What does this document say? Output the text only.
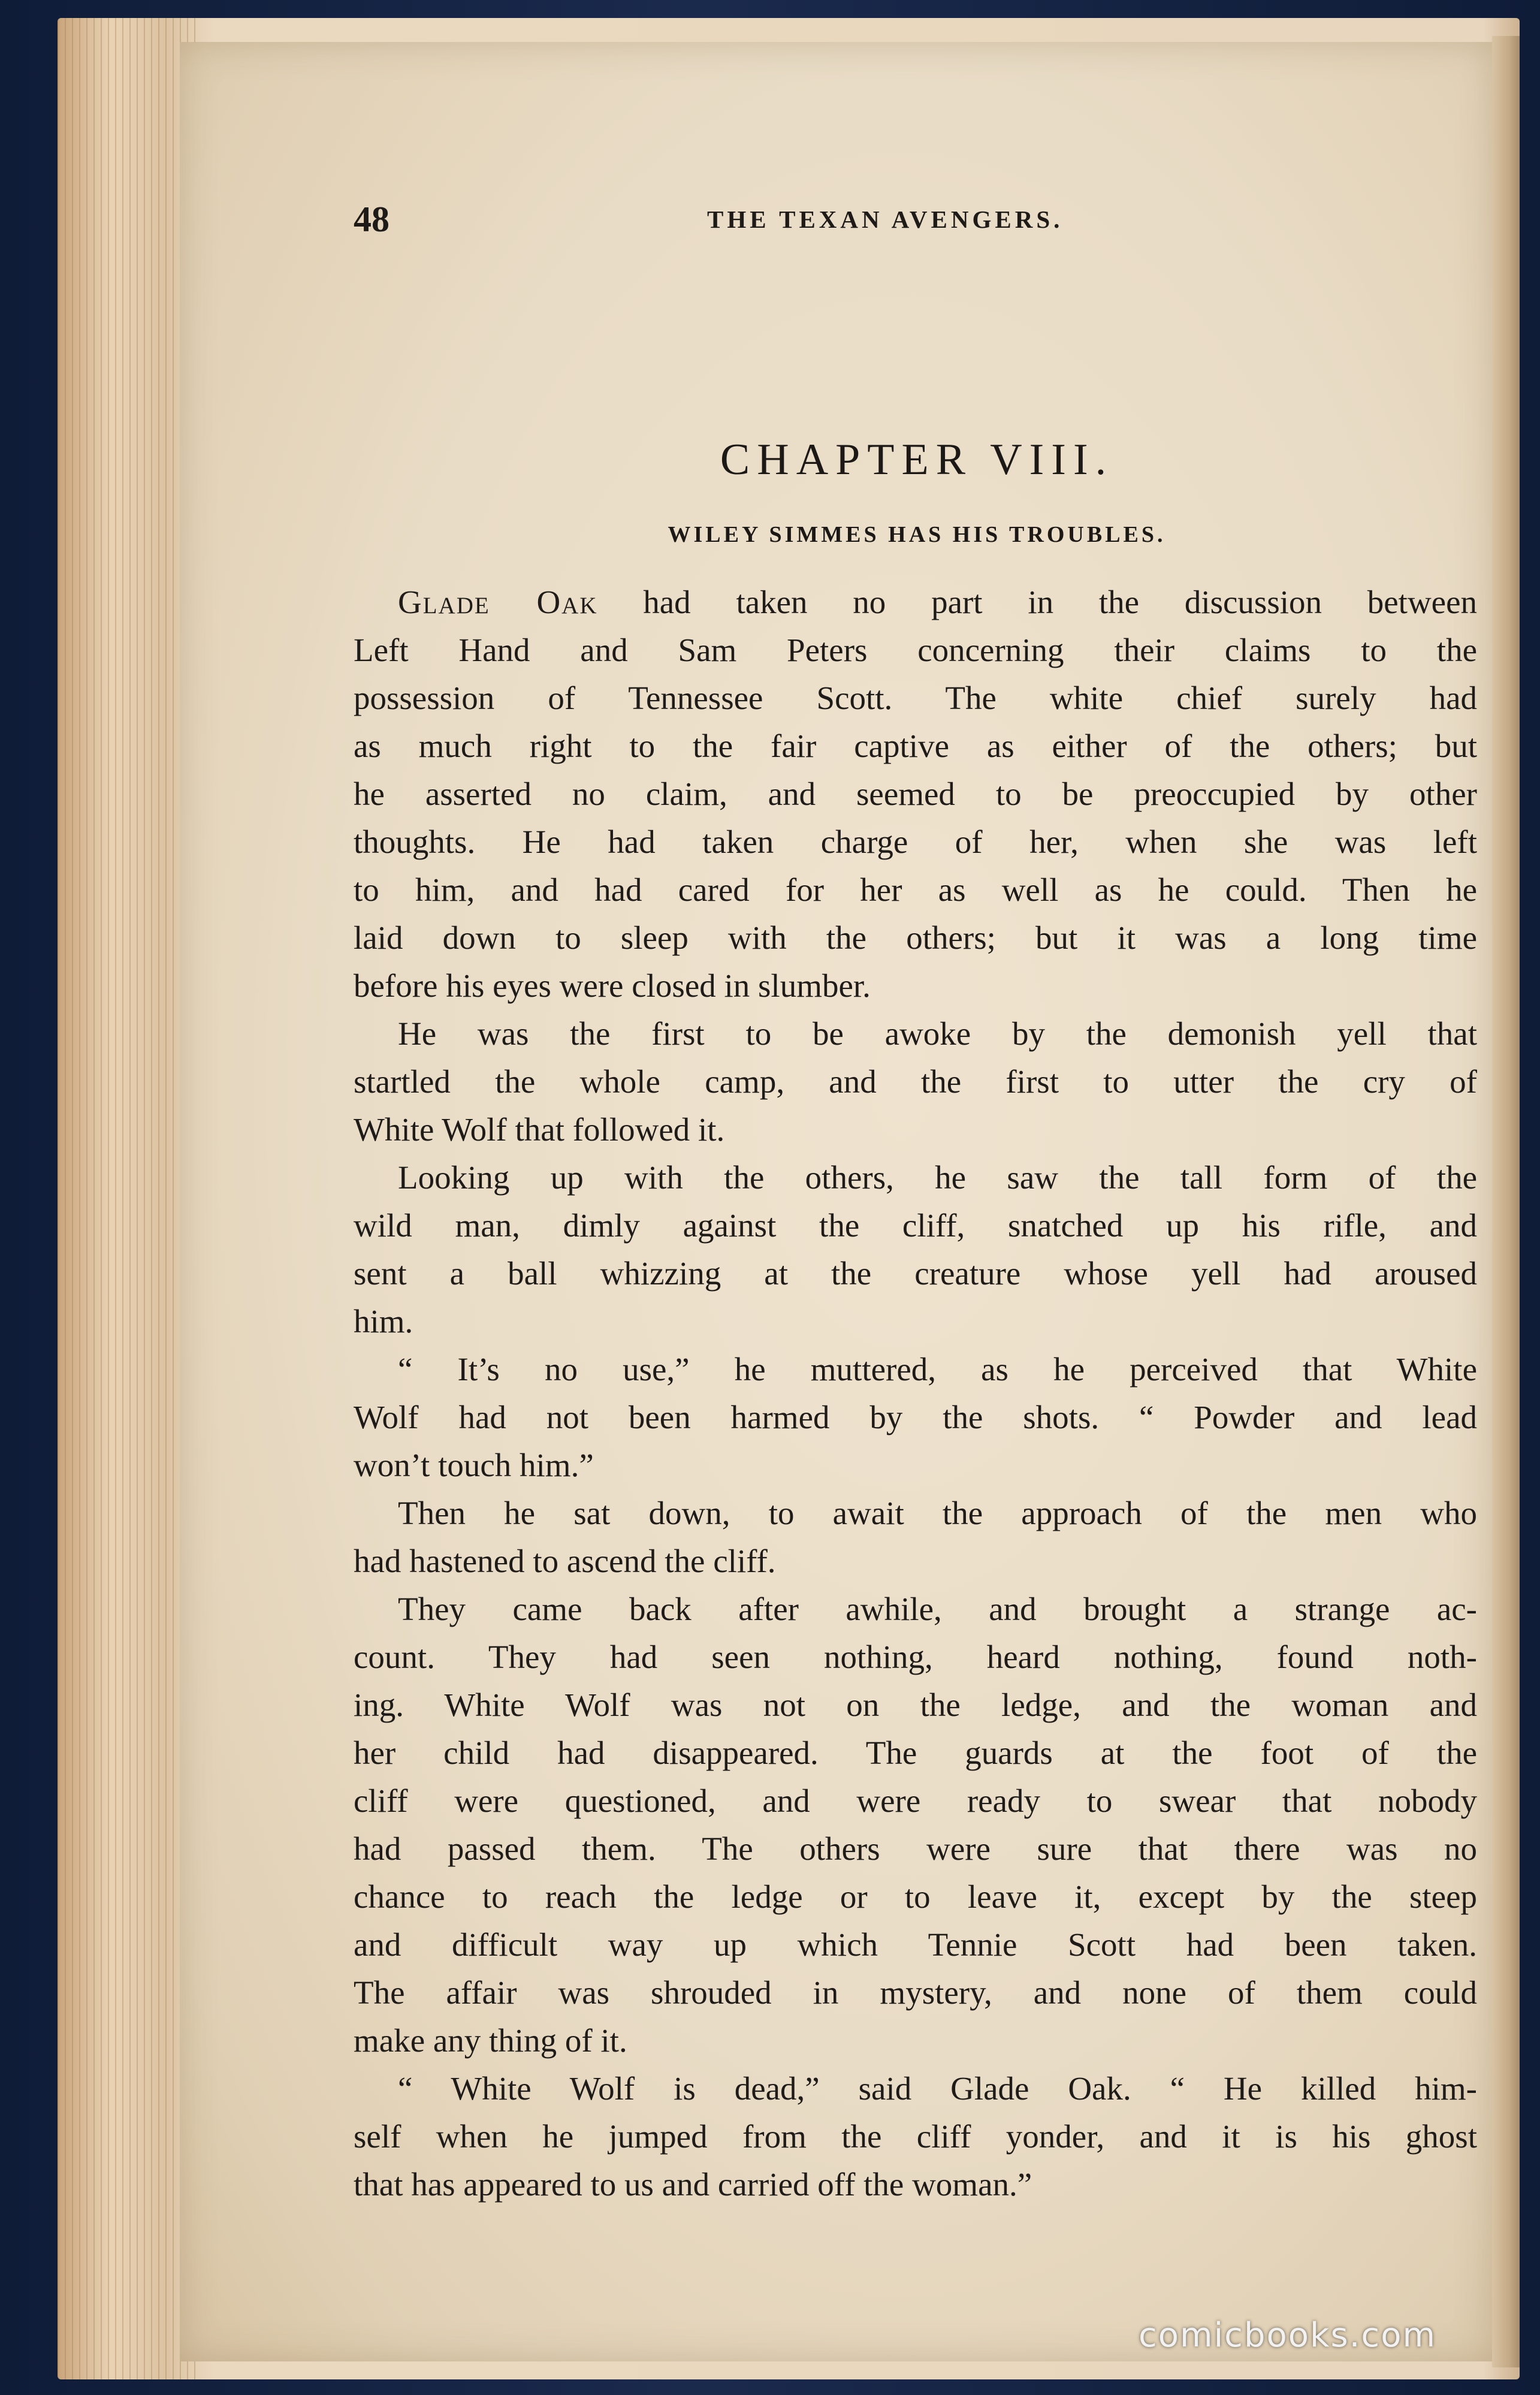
48	THE TEXAN AVENGERS.
CHAPTER VIII.
WILEY SIMMES HAS HIS TROUBLES.
Glade Oak had taken no part in the discussion between
Left Hand and Sam Peters concerning their claims to the
possession of Tennessee Scott. The white chief surely had
as much right to the fair captive as either of the others; but
he asserted no claim, and seemed to be preoccupied by other
thoughts. He had taken charge of her, when she was left
to him, and had cared for her as well as he could. Then he
laid down to sleep with the others; but it was a long time
before his eyes were closed in slumber.
He was the first to be awoke by the demonish yell that
startled the whole camp, and the first to utter the cry of
White Wolf that followed it.
Looking up with the others, he saw the tall form of the
wild man, dimly against the cliff, snatched up his rifle, and
sent a ball whizzing at the creature whose yell had aroused
him.
“ It’s no use,” he muttered, as he perceived that White
Wolf had not been harmed by the shots. “ Powder and lead
won’t touch him.”
Then he sat down, to await the approach of the men who
had hastened to ascend the cliff.
They came back after awhile, and brought a strange ac-
count. They had seen nothing, heard nothing, found noth-
ing. White Wolf was not on the ledge, and the woman and
her child had disappeared. The guards at the foot of the
cliff were questioned, and were ready to swear that nobody
had passed them. The others were sure that there was no
chance to reach the ledge or to leave it, except by the steep
and difficult way up which Tennie Scott had been taken.
The affair was shrouded in mystery, and none of them could
make any thing of it.
“ White Wolf is dead,” said Glade Oak. “ He killed him-
self when he jumped from the cliff yonder, and it is his ghost
that has appeared to us and carried off the woman.”
comicbooks.com
